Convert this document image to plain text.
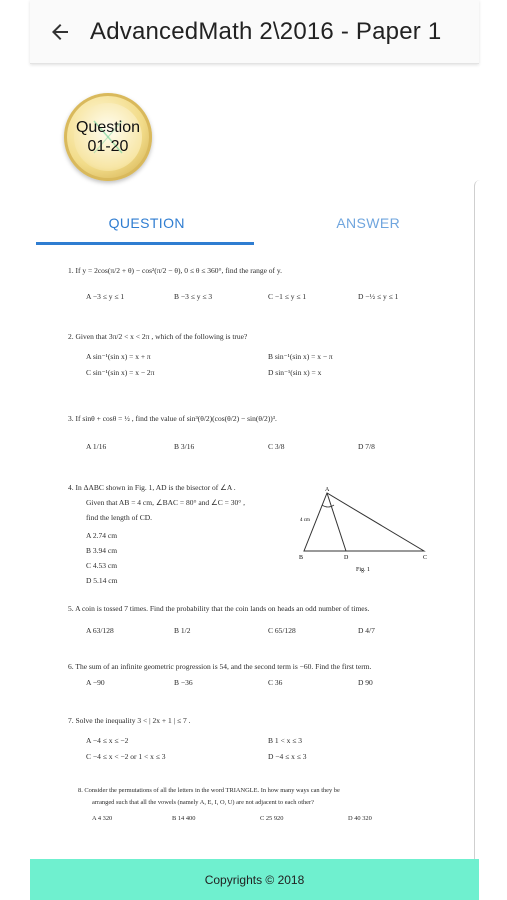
AdvancedMath 2\2016 - Paper 1
Question
01-20
QUESTION	ANSWER
1. If y = 2cos(π/2 + θ) − cos²(π/2 − θ), 0 ≤ θ ≤ 360°, find the range of y.
A −3 ≤ y ≤ 1	B −3 ≤ y ≤ 3	C −1 ≤ y ≤ 1	D −½ ≤ y ≤ 1
2. Given that 3π/2 < x < 2π , which of the following is true?
A sin⁻¹(sin x) = x + π	B sin⁻¹(sin x) = x − π
C sin⁻¹(sin x) = x − 2π	D sin⁻¹(sin x) = x
3. If sinθ + cosθ = ½ , find the value of sin³(θ/2)(cos(θ/2) − sin(θ/2))³.
A 1/16	B 3/16	C 3/8	D 7/8
4. In ΔABC shown in Fig. 1, AD is the bisector of ∠A .
Given that AB = 4 cm, ∠BAC = 80° and ∠C = 30° ,
find the length of CD.
A 2.74 cm
B 3.94 cm
C 4.53 cm
D 5.14 cm
A
B	D	C
4 cm
Fig. 1
5. A coin is tossed 7 times. Find the probability that the coin lands on heads an odd number of times.
A 63/128	B 1/2	C 65/128	D 4/7
6. The sum of an infinite geometric progression is 54, and the second term is −60. Find the first term.
A −90	B −36	C 36	D 90
7. Solve the inequality 3 < | 2x + 1 | ≤ 7 .
A −4 ≤ x ≤ −2	B 1 < x ≤ 3
C −4 ≤ x < −2 or 1 < x ≤ 3	D −4 ≤ x ≤ 3
8. Consider the permutations of all the letters in the word TRIANGLE. In how many ways can they be
arranged such that all the vowels (namely A, E, I, O, U) are not adjacent to each other?
A 4 320	B 14 400	C 25 920	D 40 320
Copyrights © 2018
